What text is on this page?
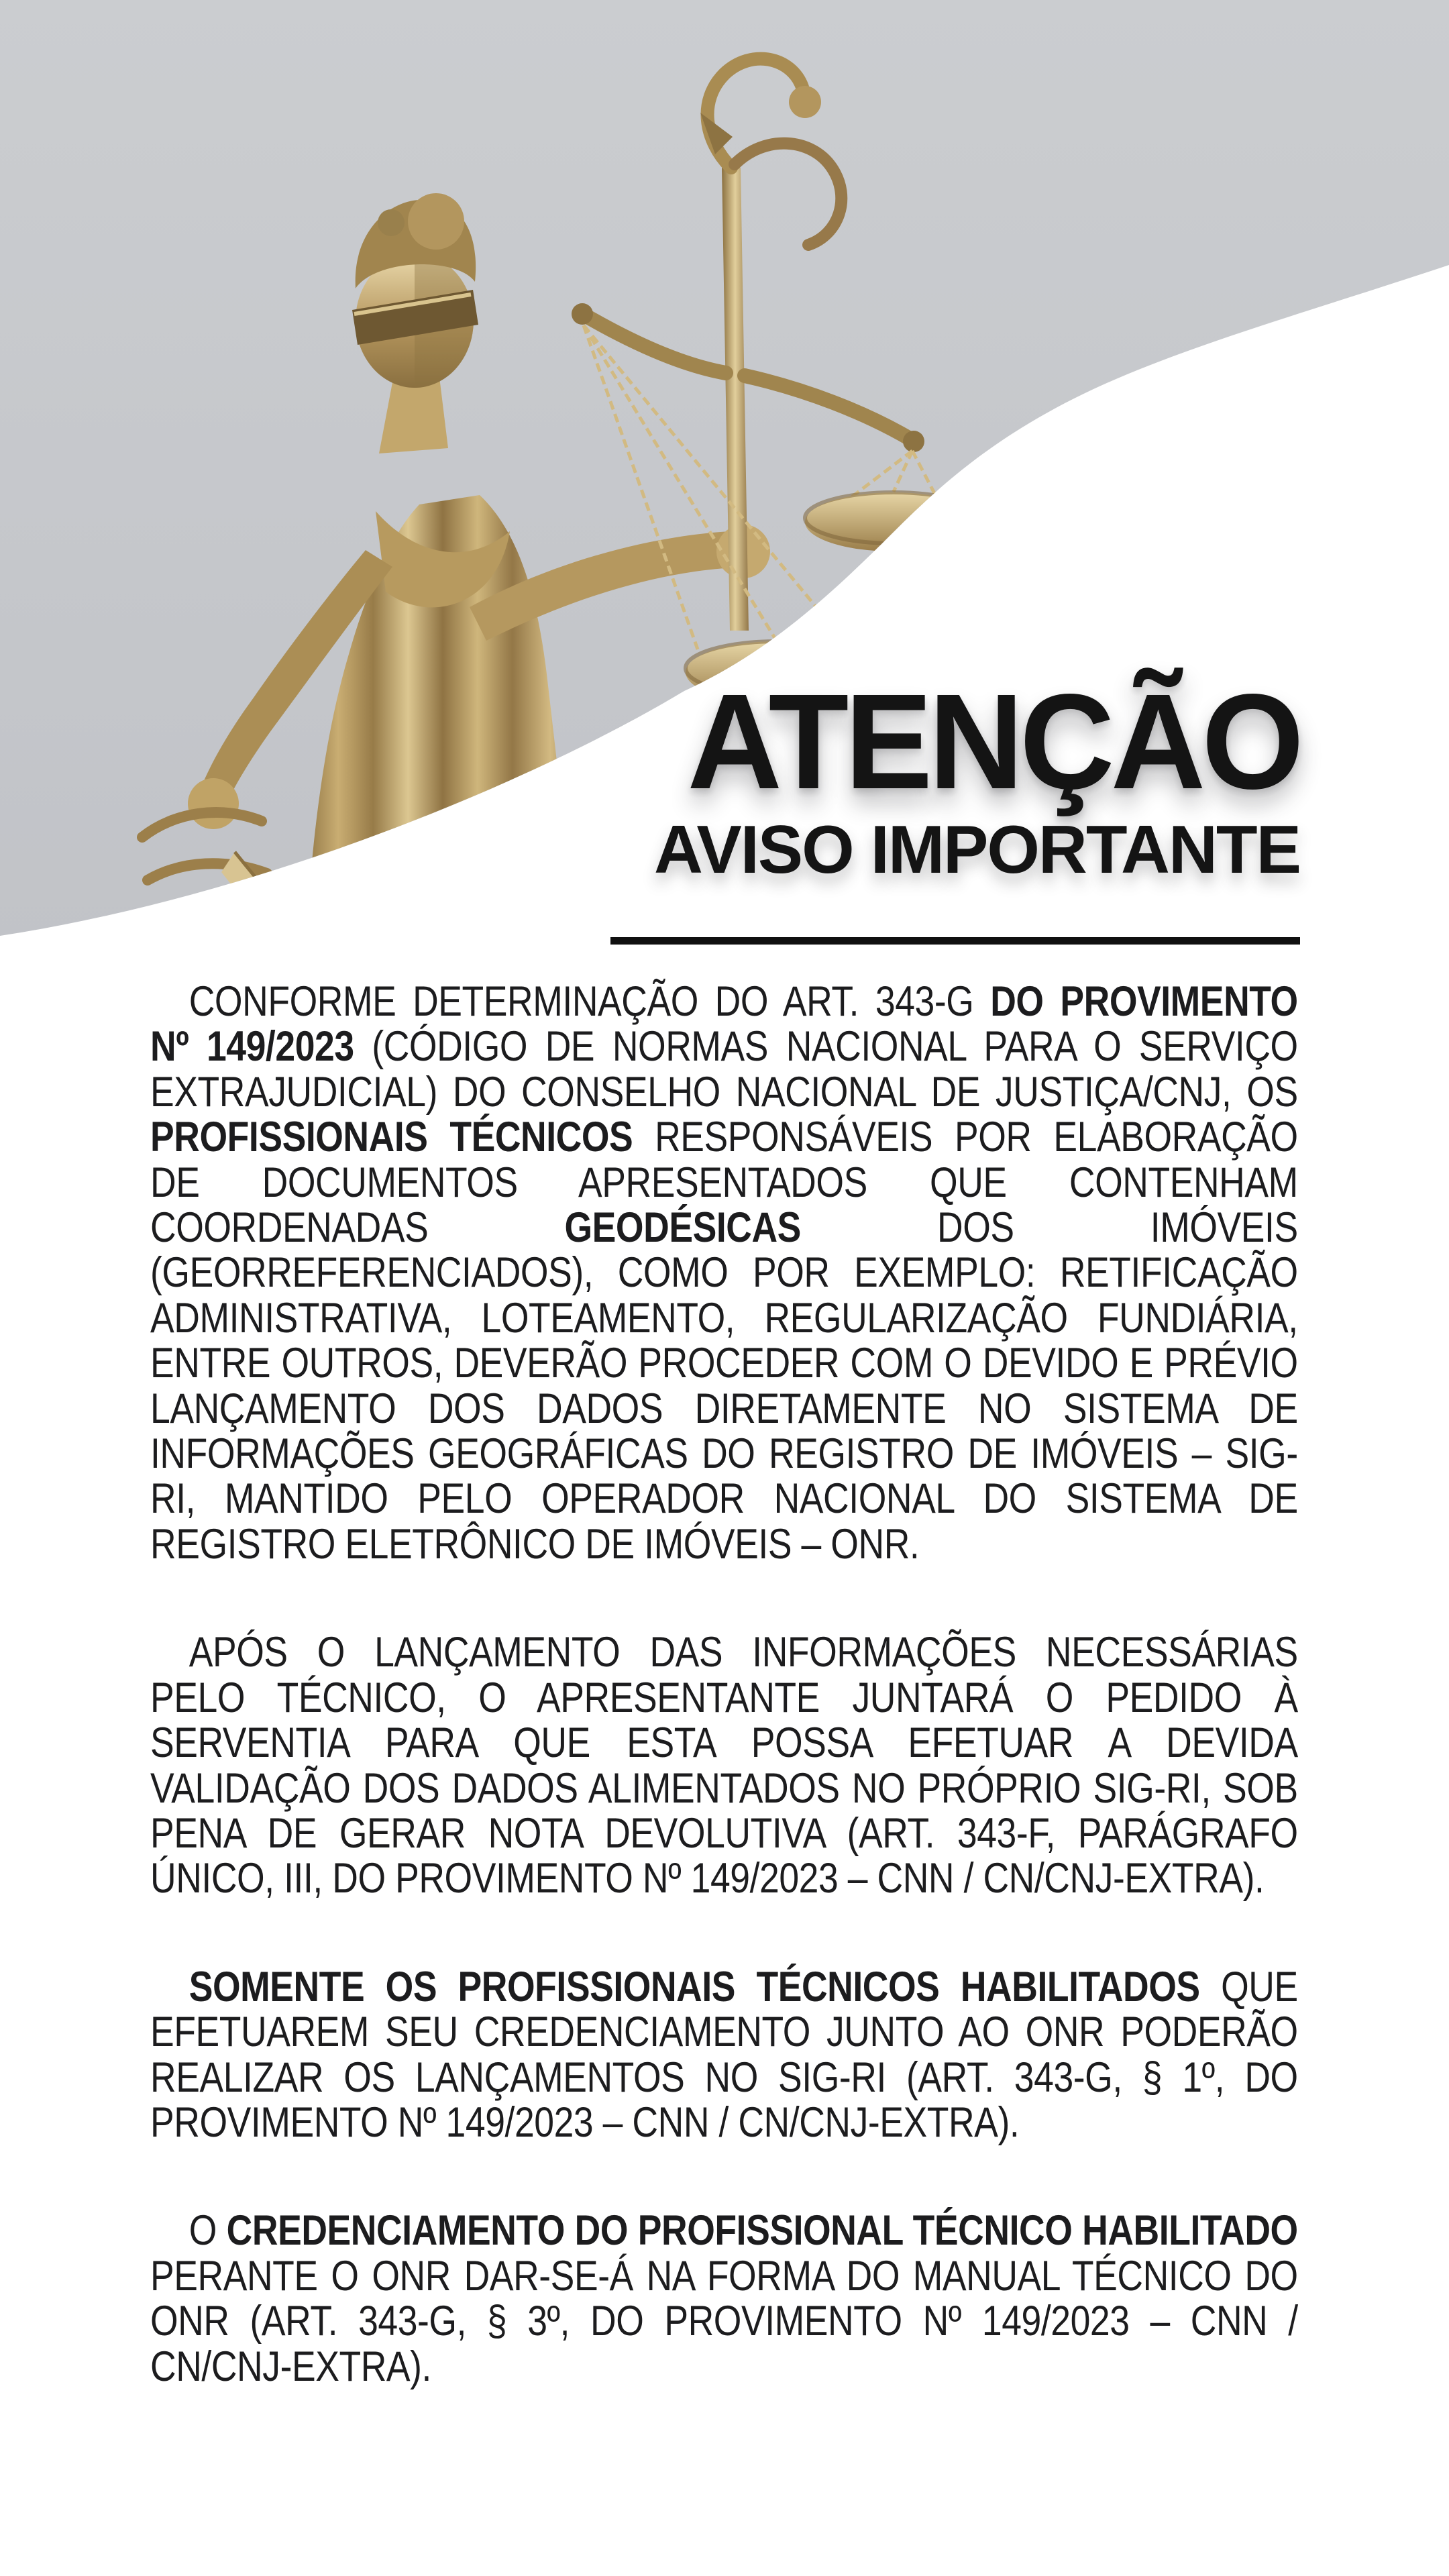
ATENÇÃO
AVISO IMPORTANTE

CONFORME DETERMINAÇÃO DO ART. 343-G DO PROVIMENTO Nº 149/2023 (CÓDIGO DE NORMAS NACIONAL PARA O SERVIÇO EXTRAJUDICIAL) DO CONSELHO NACIONAL DE JUSTIÇA/CNJ, OS PROFISSIONAIS TÉCNICOS RESPONSÁVEIS POR ELABORAÇÃO DE DOCUMENTOS APRESENTADOS QUE CONTENHAM COORDENADAS GEODÉSICAS DOS IMÓVEIS (GEORREFERENCIADOS), COMO POR EXEMPLO: RETIFICAÇÃO ADMINISTRATIVA, LOTEAMENTO, REGULARIZAÇÃO FUNDIÁRIA, ENTRE OUTROS, DEVERÃO PROCEDER COM O DEVIDO E PRÉVIO LANÇAMENTO DOS DADOS DIRETAMENTE NO SISTEMA DE INFORMAÇÕES GEOGRÁFICAS DO REGISTRO DE IMÓVEIS – SIG-RI, MANTIDO PELO OPERADOR NACIONAL DO SISTEMA DE REGISTRO ELETRÔNICO DE IMÓVEIS – ONR.

APÓS O LANÇAMENTO DAS INFORMAÇÕES NECESSÁRIAS PELO TÉCNICO, O APRESENTANTE JUNTARÁ O PEDIDO À SERVENTIA PARA QUE ESTA POSSA EFETUAR A DEVIDA VALIDAÇÃO DOS DADOS ALIMENTADOS NO PRÓPRIO SIG-RI, SOB PENA DE GERAR NOTA DEVOLUTIVA (ART. 343-F, PARÁGRAFO ÚNICO, III, DO PROVIMENTO Nº 149/2023 – CNN / CN/CNJ-EXTRA).

SOMENTE OS PROFISSIONAIS TÉCNICOS HABILITADOS QUE EFETUAREM SEU CREDENCIAMENTO JUNTO AO ONR PODERÃO REALIZAR OS LANÇAMENTOS NO SIG-RI (ART. 343-G, § 1º, DO PROVIMENTO Nº 149/2023 – CNN / CN/CNJ-EXTRA).

O CREDENCIAMENTO DO PROFISSIONAL TÉCNICO HABILITADO PERANTE O ONR DAR-SE-Á NA FORMA DO MANUAL TÉCNICO DO ONR (ART. 343-G, § 3º, DO PROVIMENTO Nº 149/2023 – CNN / CN/CNJ-EXTRA).
